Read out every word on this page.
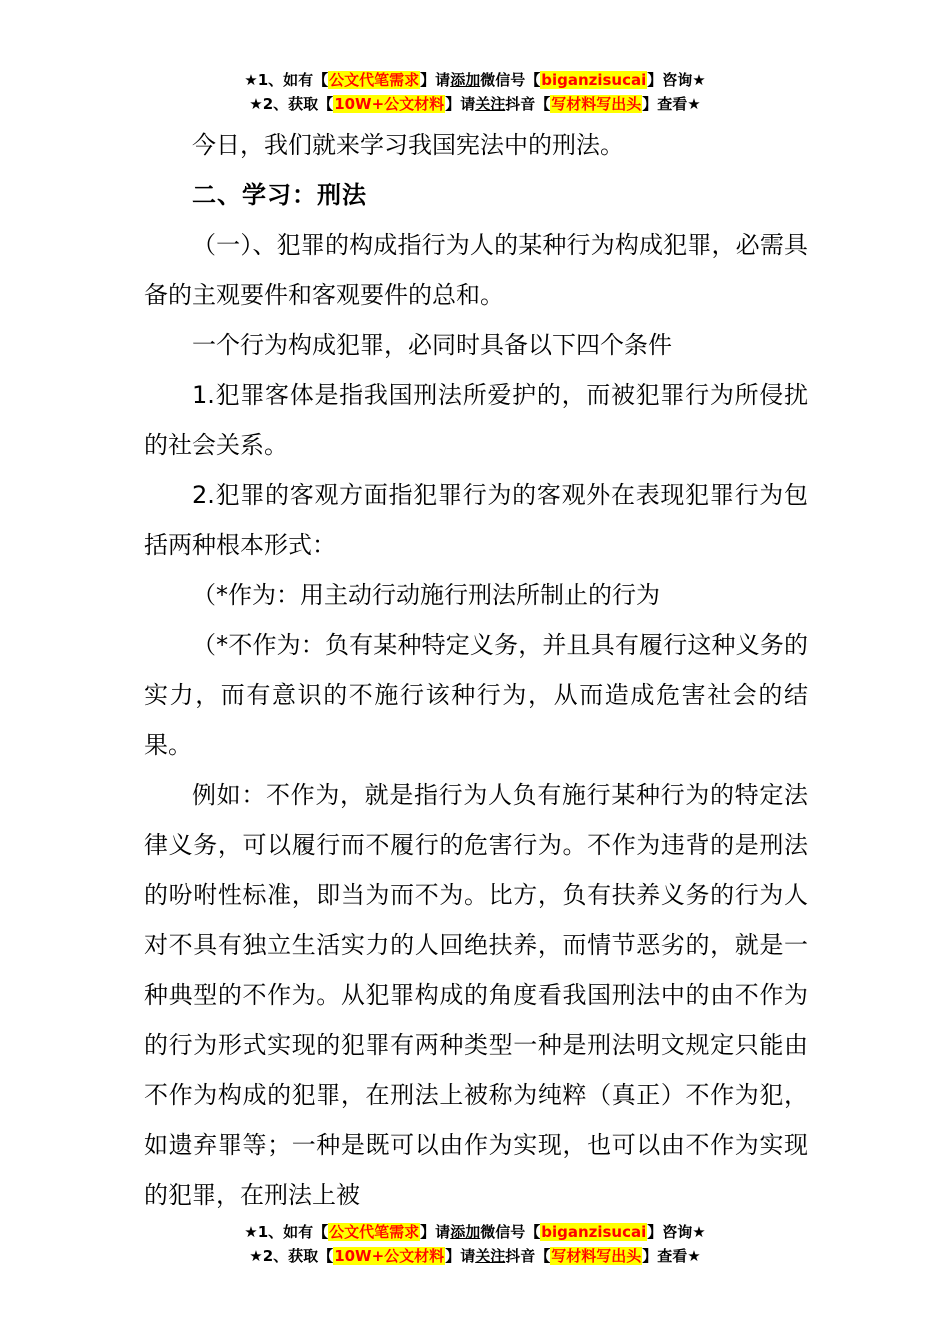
★1、如有【公文代笔需求】请添加微信号【biganzisucai】咨询★
★2、获取【10W+公文材料】请关注抖音【写材料写出头】查看★

今日，我们就来学习我国宪法中的刑法。

二、学习：刑法

（一）、犯罪的构成指行为人的某种行为构成犯罪，必需具备的主观要件和客观要件的总和。

一个行为构成犯罪，必同时具备以下四个条件

1.犯罪客体是指我国刑法所爱护的，而被犯罪行为所侵扰的社会关系。

2.犯罪的客观方面指犯罪行为的客观外在表现犯罪行为包括两种根本形式：

（*作为：用主动行动施行刑法所制止的行为

（*不作为：负有某种特定义务，并且具有履行这种义务的实力，而有意识的不施行该种行为，从而造成危害社会的结果。

例如：不作为，就是指行为人负有施行某种行为的特定法律义务，可以履行而不履行的危害行为。不作为违背的是刑法的吩咐性标准，即当为而不为。比方，负有扶养义务的行为人对不具有独立生活实力的人回绝扶养，而情节恶劣的，就是一种典型的不作为。从犯罪构成的角度看我国刑法中的由不作为的行为形式实现的犯罪有两种类型一种是刑法明文规定只能由不作为构成的犯罪，在刑法上被称为纯粹（真正）不作为犯，如遗弃罪等；一种是既可以由作为实现，也可以由不作为实现的犯罪，在刑法上被

★1、如有【公文代笔需求】请添加微信号【biganzisucai】咨询★
★2、获取【10W+公文材料】请关注抖音【写材料写出头】查看★
